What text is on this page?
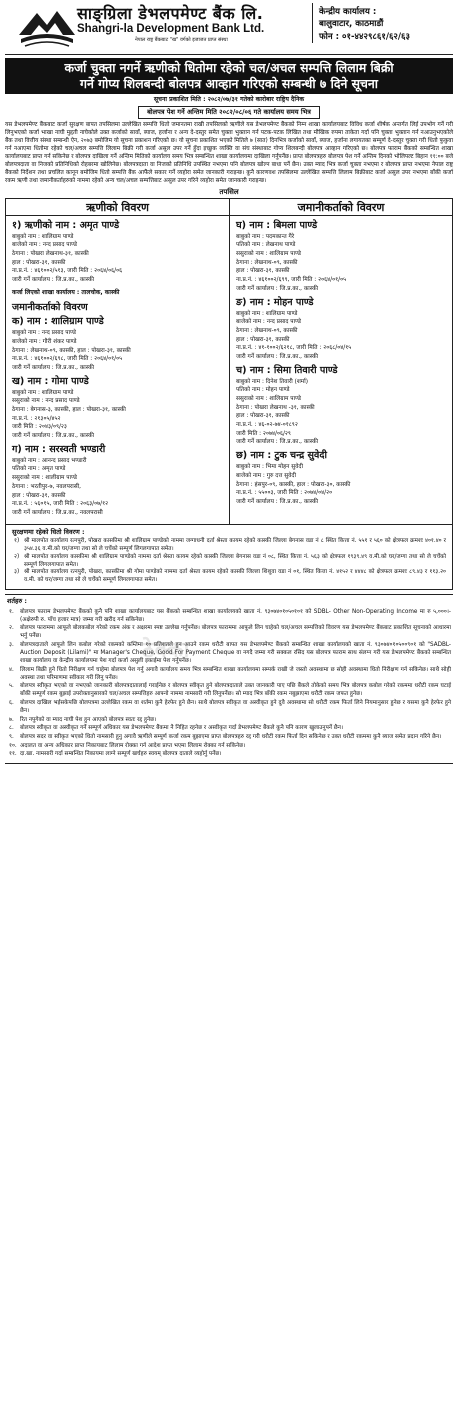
साङ्ग्रिला डेभलपमेण्ट बैंक लि.
Shangri-la Development Bank Ltd.
नेपाल राष्ट्र बैंकबाट "ख" वर्गको इजाजत प्राप्त संस्था
केन्द्रीय कार्यालय :
बालुवाटार, काठमाडौं
फोन : ०१-४४२९८६१/६२/६३
कर्जा चुक्ता नगर्ने ऋणीको धितोमा रहेको चल/अचल सम्पत्ति लिलाम बिक्री
गर्ने गोप्य शिलबन्दी बोलपत्र आव्हान गरिएको सम्बन्धी ७ दिने सूचना
सूचना प्रकाशित मिति : २०८२/०७/३१ गतेको कारोबार राष्ट्रिय दैनिक
बोलपत्र पेश गर्ने अन्तिम मिति २०८२/०८/०६ गते कार्यालय समय भित्र

यस डेभलपमेण्ट बैंकबाट कर्जा सुरक्षण बापत तपसिलमा उल्लेखित सम्पत्ति धितो जमानतमा राखी तपसिलको ऋणीले यस डेभलपमेण्ट बैंकको निम्न शाखा कार्यालयबाट विविध कर्जा शीर्षक अन्तर्गत लिई उपभोग गर्ने गरी लिनुभएको कर्जा भाखा नाघी मुद्दती नाघेकोले उक्त कर्जाको सावाँ, ब्याज, हर्जाना र अन्य दे-दस्तुर समेत चुक्ता भुक्तान गर्न पटक-पटक लिखित तथा मौखिक रुपमा ताकेता गर्दा पनि चुक्ता भुक्तान गर्न नआउनुभएकोले बैंक तथा वित्तीय संस्था सम्बन्धी ऐन, २०७३ बमोजिम यो सूचना प्रकाशन गरिएको छ। यो सूचना प्रकाशित भएको मितिले ७ (सात) दिनभित्र कर्जाको सावाँ, ब्याज, हर्जाना लगायतका सम्पूर्ण दे-दस्तुर चुक्ता गरी धितो फुकुवा गर्न नआएमा धितोमा रहेको चल/अचल सम्पत्ति लिलाम बिक्री गरी कर्जा असुल उपर गर्ने हुँदा इच्छुक व्यक्ति वा संघ संस्थाबाट गोप्य शिलबन्दी बोलपत्र आव्हान गरिएको छ। बोलपत्र फाराम बैंकको सम्बन्धित शाखा कार्यालयबाट प्राप्त गर्न सकिनेछ र बोलपत्र दाखिला गर्ने अन्तिम मितिको कार्यालय समय भित्र सम्बन्धित शाखा कार्यालयमा दाखिला गर्नुपर्नेछ। प्राप्त बोलपत्रहरु बोलपत्र पेश गर्ने अन्तिम दिनको भोलिपल्ट बिहान ११:०० बजे बोलपत्रदाता वा निजको प्रतिनिधिको रोहबरमा खोलिनेछ। बोलपत्रदाता वा निजको प्रतिनिधि उपस्थित नभएमा पनि बोलपत्र खोल्न बाधा पर्ने छैन। उक्त म्याद भित्र कर्जा चुक्ता नभएमा र बोलपत्र प्राप्त नभएमा नेपाल राष्ट्र बैंकको निर्देशन तथा प्रचलित कानून बमोजिम धितो सम्पत्ति बैंक आफैंले सकार गर्ने व्यहोरा समेत जानकारी गराइन्छ। कुनै कारणवश तपसिलमा उल्लेखित सम्पत्ति लिलाम बिक्रीबाट कर्जा असुल उपर नभएमा बाँकी कर्जा रकम ऋणी तथा जमानीकर्ताहरुको नाममा रहेको अन्य चल/अचल सम्पत्तिबाट असुल उपर गरिने व्यहोरा समेत जानकारी गराइन्छ।

तपसिल
ऋणीको विवरण
१) ऋणीको नाम : अमृत पाण्डे
बाबुको नाम : शालिग्राम पाण्डे
बाजेको नाम : नन्द प्रसाद पाण्डे
ठेगाना : पोखरा लेखनाथ-३१, कास्की
हाल : पोखरा-३१, कास्की
ना.प्र.नं. : ४६१००२/५१३, जारी मिति : २०६४/०६/०६
जारी गर्ने कार्यालय : जि.प्र.का., कास्की
कर्जा लिएको शाखा कार्यालय : तालचोक, कास्की
जमानीकर्ताको विवरण
क) नाम : शालिग्राम पाण्डे
बाबुको नाम : नन्द प्रसाद पाण्डे
बाजेको नाम : गौरी शंकर पाण्डे
ठेगाना : लेखनाथ-०९, कास्की, हाल : पोखरा-३१, कास्की
ना.प्र.नं. : ४६१००२/६९८, जारी मिति : २०६४/०१/०५
जारी गर्ने कार्यालय : जि.प्र.का., कास्की
ख) नाम : गोमा पाण्डे
बाबुको नाम : शालिग्राम पाण्डे
ससुराको नाम : नन्द प्रसाद पाण्डे
ठेगाना : बेगनास-३, कास्की, हाल : पोखरा-३१, कास्की
ना.प्र.नं. : २१३०५/४५२
जारी मिति : २०४३/०९/२३
जारी गर्ने कार्यालय : जि.प्र.का., कास्की
ग) नाम : सरस्वती भण्डारी
बाबुको नाम : आनन्द प्रसाद भण्डारी
पतिको नाम : अमृत पाण्डे
ससुराको नाम : शालीग्राम पाण्डे
ठेगाना : भरतीपुर-७, नवलपरासी,
हाल : पोखरा-३१, कास्की
ना.प्र.नं. : ५६०१५, जारी मिति : २०६३/०७/१२
जारी गर्ने कार्यालय : जि.प्र.का., नवलपरासी
जमानीकर्ताको विवरण
घ) नाम : बिमला पाण्डे
बाबुको नाम : पदमकान्त गैरे
पतिको नाम : लेखनाथ पाण्डे
ससुराको नाम : शालिग्राम पाण्डे
ठेगाना : लेखनाथ-०९, कास्की
हाल : पोखरा-३१, कास्की
ना.प्र.नं. : ४६१००२/६९९, जारी मिति : २०६४/०१/०५
जारी गर्ने कार्यालय : जि.प्र.का., कास्की
ङ) नाम : मोहन पाण्डे
बाबुको नाम : शालिग्राम पाण्डे
बाजेको नाम : नन्द प्रसाद पाण्डे
ठेगाना : लेखनाथ-०९, कास्की
हाल : पोखरा-३१, कास्की
ना.प्र.नं. : ४१-१००२/६२१८, जारी मिति : २०६८/०४/१५
जारी गर्ने कार्यालय : जि.प्र.का., कास्की
च) नाम : सिमा तिवारी पाण्डे
बाबुको नाम : दिनेश तिवारी (शर्मा)
पतिको नाम : मोहन पाण्डे
ससुराको नाम : शालिग्राम पाण्डे
ठेगाना : पोखरा लेखनाथ -३१, कास्की
हाल : पोखरा-३१, कास्की
ना.प्र.नं. : ४६-०२-७४-०१८९२
जारी मिति : २०७४/०६/२९
जारी गर्ने कार्यालय : जि.प्र.का., कास्की
छ) नाम : टुक चन्द्र सुवेदी
बाबुको नाम : भिमा मोहन सुवेदी
बाजेको नाम : गुरु दत्त सुवेदी
ठेगाना : हंसपुर-०९, कास्की, हाल : पोखरा-३०, कास्की
ना.प्र.नं. : ५५००३, जारी मिति : २०७४/०४/२०
जारी गर्ने कार्यालय : जि.प्र.का., कास्की
सुरक्षणमा रहेको धितो विवरण :
१) श्री मालपोत कार्यालय रत्नपुरी, पोखरा कास्कीमा श्री शालिग्राम पाण्डेको नाममा जग्गाधनी दर्ता श्रेस्ता कायम रहेको कास्की जिल्ला बेगनास वडा नं ८ स्थित कित्ता नं. ५५१ र ५६० को क्षेत्रफल क्रमशः ४०१.४० र ३५४.३६ व.मी.को घर/जग्गा तथा सो ले चर्चेको सम्पूर्ण लिगलगापात समेत।
२) श्री मालपोत कार्यालय कास्कीमा श्री शालिग्राम पाण्डेको नाममा दर्ता श्रेस्ता कायम रहेको कास्की जिल्ला बेगनास वडा नं ०८, स्थित कित्ता नं. ५६३ को क्षेत्रफल १९३९.४९ व.मी.को घर/जग्गा तथा सो ले चर्चेको सम्पूर्ण लिगलगापात समेत।
३) श्री मालपोत कार्यालय रत्नपुरी, पोखरा, कास्कीमा श्री गोमा पाण्डेको नाममा दर्ता श्रेस्ता कायम रहेको कास्की जिल्ला शिशुवा वडा नं ०१, स्थित कित्ता नं. ४१५२ र ४४४८ को क्षेत्रफल क्रमशः ८९.४३ र ११३.२० व.मी. को घर/जग्गा तथा सो ले चर्चेको सम्पूर्ण लिगलगापात समेत।
शर्तहरु :
१.	बोलपत्र फाराम डेभलपमेण्ट बैंकको कुनै पनि शाखा कार्यालयबाट यस बैंकको सम्बन्धित शाखा कार्यालयको खाता नं. ९३०७४०१०५०१०१ को SDBL- Other Non-Operating Income मा रु ५,०००।- (अक्षेरुपी रु. पाँच हजार मात्र) जम्मा गरी खरीद गर्न सकिनेछ।
२.	बोलपत्र फाराममा आफूले बोलकबोल गरेको रकम अंक र अक्षरमा स्पष्ट उल्लेख गर्नुपर्नेछ। बोलपत्र फाराममा आफूले लिन चाहेको चल/अचल सम्पत्तिको विवरण यस डेभलपमेण्ट बैंकबाट प्रकाशित सूचनाको आधारमा भर्नु पर्नेछ।
३.	बोलपत्रदाताले आफूले लिन कबोल गरेको रकमको कम्तिमा १० प्रतिशतले हुन आउने रकम धरौटी बापत यस डेभलपमेण्ट बैंकको सम्बन्धित शाखा कार्यालयको खाता नं. ९३०७४०१०५००९०१ को "SADBL- Auction Deposit (Lilami)" मा Manager's Cheque, Good For Payment Cheque वा नगदै जम्मा गरी सक्कल रसिद यस बोलपत्र फाराम साथ संलग्न गरी यस डेभलपमेण्ट बैंकको सम्बन्धित शाखा कार्यालय वा केन्द्रीय कार्यालयमा पेश गर्दा कर्जा असुली इकाईमा पेश गर्नुपर्नेछ।
४.	लिलाम बिक्री हुने धितो निरीक्षण गर्न चाहेमा बोलपत्र पेश गर्नु अगावै कार्यालय समय भित्र सम्बन्धित शाखा कार्यालयमा सम्पर्क राखी जे जस्तो अवस्थामा छ सोही अवस्थामा धितो निरीक्षण गर्न सकिनेछ। साथै सोही अवस्था तथा परिमाणमा स्वीकार गरी लिनु पर्नेछ।
५.	बोलपत्र स्वीकृत भएको वा नभएको जानकारी बोलपत्रदातालाई गराईनेछ र बोलपत्र स्वीकृत हुने बोलपत्रदाताले उक्त जानकारी पाए पछि बैंकले तोकेको समय भित्र बोलपत्र कबोल गरेको रकममा धरौटी रकम घटाई बाँकी सम्पूर्ण रकम बुझाई उपरोक्तानुसारको चल/अचल सम्पत्तिहरु आफ्नो नाममा नामसारी गरी लिनुपर्नेछ। सो म्याद भित्र बाँकी रकम नबुझाएमा धरौटी रकम जफत हुनेछ।
६.	बोलपत्र दाखिल भईसकेपछि बोलपत्रमा उल्लेखित रकम वा शर्तमा कुनै हेरफेर हुने छैन। साथै बोलपत्र स्वीकृत वा अस्वीकृत हुने दुवै अवस्थामा सो धरौटी रकम फिर्ता लिने नियमानुसार हुनेछ र यसमा कुनै हेरफेर हुने छैन।
७.	रित नपुगेको वा म्याद नाघी पेश हुन आएको बोलपत्र स्वतः रद्द हुनेछ।
८.	बोलपत्र स्वीकृत वा अस्वीकृत गर्ने सम्पूर्ण अधिकार यस डेभलपमेण्ट बैंकमा नै निहित रहनेछ र अस्वीकृत गर्दा डेभलपमेण्ट बैंकले कुनै पनि कारण खुलाउनुपर्ने छैन।
९.	बोलपत्र सदर वा स्वीकृत भएको धितो नामसारी हुनु अगावै ऋणीले सम्पूर्ण कर्जा रकम बुझाएमा प्राप्त बोलपत्रहरु रद्द गरी धरौटी रकम फिर्ता दिन सकिनेछ र उक्त धरौटी रकममा कुनै ब्याज समेत प्रदान गरिने छैन।
१०. अदालत वा अन्य अधिकार प्राप्त निकायबाट लिलाम रोक्का गर्न आदेश प्राप्त भएमा लिलाम रोक्का गर्न सकिनेछ।
११. दा.खा. नामसारी गर्दा सम्बन्धित निकायमा लाग्ने सम्पूर्ण खर्चहरु स्वयम् बोलपत्र दाताले व्यहोर्नु पर्नेछ।
ठेक्का
